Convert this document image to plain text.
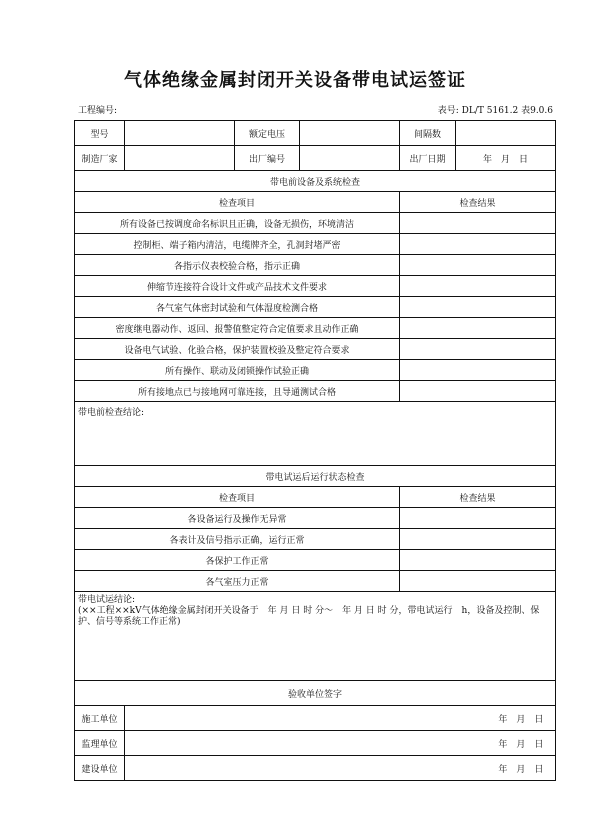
气体绝缘金属封闭开关设备带电试运签证
工程编号:	表号: DL/T 5161.2 表9.0.6
型号		额定电压		间隔数	
制造厂家		出厂编号		出厂日期	年　月　日
带电前设备及系统检查					
检查项目				检查结果	
所有设备已按调度命名标识且正确，设备无损伤，环境清洁					
控制柜、端子箱内清洁，电缆牌齐全，孔洞封堵严密					
各指示仪表校验合格，指示正确					
伸缩节连接符合设计文件或产品技术文件要求					
各气室气体密封试验和气体湿度检测合格					
密度继电器动作、返回、报警值整定符合定值要求且动作正确					
设备电气试验、化验合格，保护装置校验及整定符合要求					
所有操作、联动及闭锁操作试验正确					
所有接地点已与接地网可靠连接，且导通测试合格					
带电前检查结论:					
带电试运后运行状态检查					
检查项目				检查结果	
各设备运行及操作无异常					
各表计及信号指示正确，运行正常					
各保护工作正常					
各气室压力正常					

带电试运结论:
(××工程××kV气体绝缘金属封闭开关设备于　年 月 日 时 分～　年 月 日 时 分，带电试运行　h，设备及控制、保护、信号等系统工作正常)					

验收单位签字					
施工单位	年　月　日				
监理单位	年　月　日				
建设单位	年　月　日				
